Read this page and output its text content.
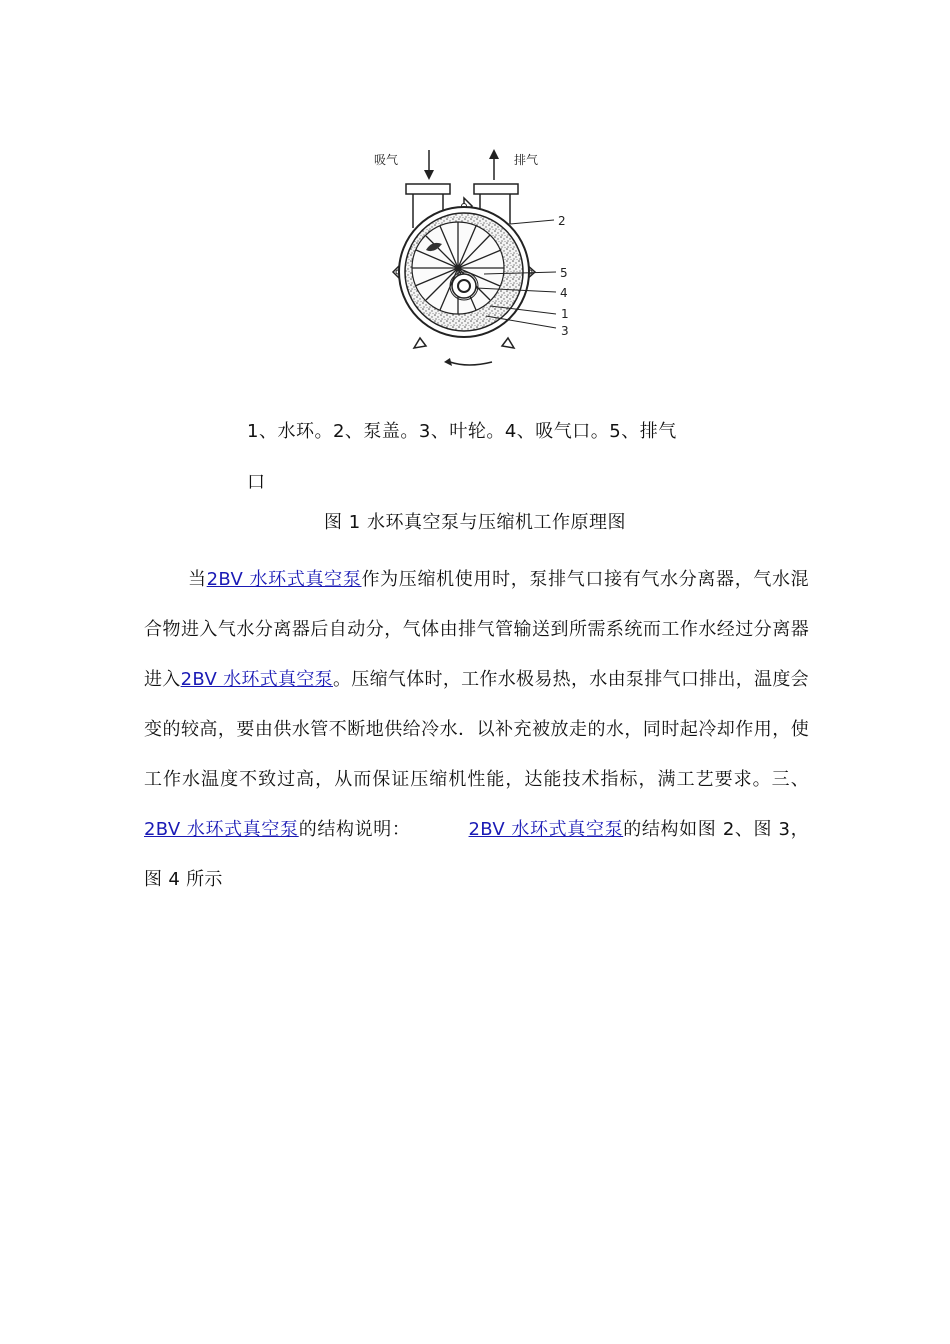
吸气	排气
2
5
4
1
3
1、水环。2、泵盖。3、叶轮。4、吸气口。5、排气
口
图 1 水环真空泵与压缩机工作原理图

当2BV 水环式真空泵作为压缩机使用时，泵排气口接有气水分离器，气水混合物进入气水分离器后自动分，气体由排气管输送到所需系统而工作水经过分离器进入2BV 水环式真空泵。压缩气体时，工作水极易热，水由泵排气口排出，温度会变的较高，要由供水管不断地供给冷水．以补充被放走的水，同时起冷却作用，使工作水温度不致过高，从而保证压缩机性能，达能技术指标，满工艺要求。三、2BV 水环式真空泵的结构说明：	2BV 水环式真空泵的结构如图 2、图 3，图 4 所示
